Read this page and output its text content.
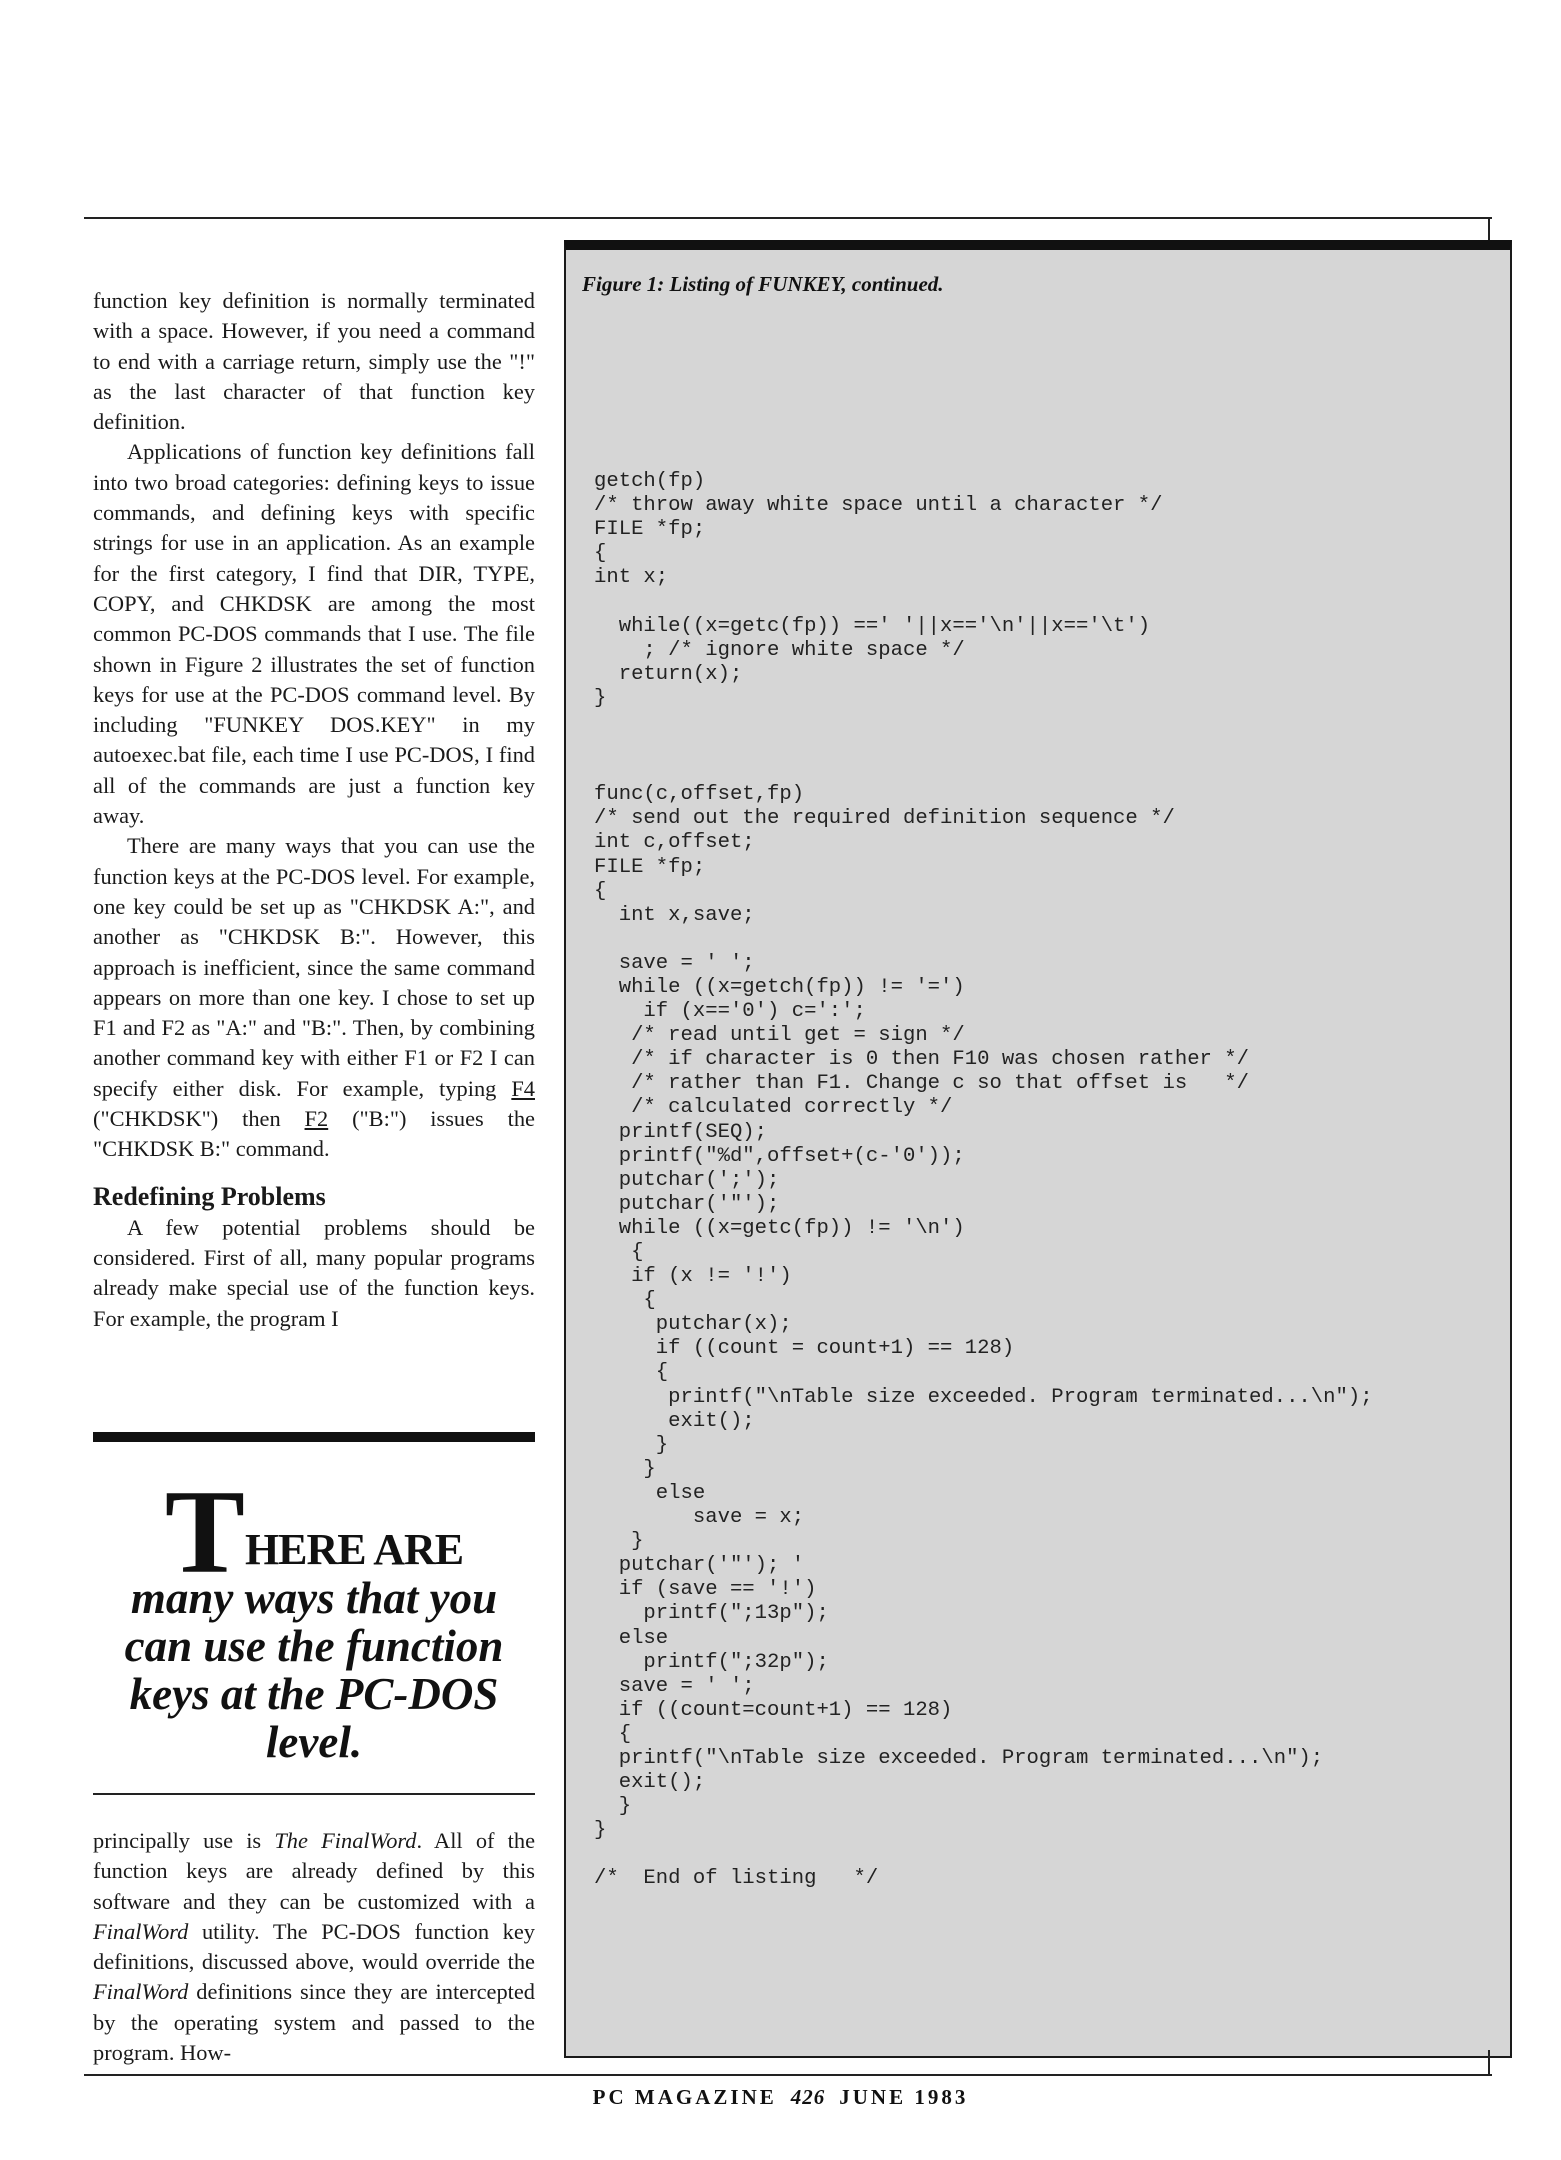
function key definition is normally terminated with a space. However, if you need a command to end with a carriage return, simply use the "!" as the last character of that function key definition.

Applications of function key definitions fall into two broad categories: defining keys to issue commands, and defining keys with specific strings for use in an application. As an example for the first category, I find that DIR, TYPE, COPY, and CHKDSK are among the most common PC-DOS commands that I use. The file shown in Figure 2 illustrates the set of function keys for use at the PC-DOS command level. By including "FUNKEY DOS.KEY" in my autoexec.bat file, each time I use PC-DOS, I find all of the commands are just a function key away.

There are many ways that you can use the function keys at the PC-DOS level. For example, one key could be set up as "CHKDSK A:", and another as "CHKDSK B:". However, this approach is inefficient, since the same command appears on more than one key. I chose to set up F1 and F2 as "A:" and "B:". Then, by combining another command key with either F1 or F2 I can specify either disk. For example, typing F4 ("CHKDSK") then F2 ("B:") issues the "CHKDSK B:" command.

Redefining Problems

A few potential problems should be considered. First of all, many popular programs already make special use of the function keys. For example, the program I

THERE ARE
many ways that you
can use the function
keys at the PC-DOS
level.

principally use is The FinalWord. All of the function keys are already defined by this software and they can be customized with a FinalWord utility. The PC-DOS function key definitions, discussed above, would override the FinalWord definitions since they are intercepted by the operating system and passed to the program. How-

Figure 1: Listing of FUNKEY, continued.
getch(fp)
/* throw away white space until a character */
FILE *fp;
{
int x;

while((x=getc(fp)) ==' '||x=='\n'||x=='\t')
; /* ignore white space */
return(x);
}

func(c,offset,fp)
/* send out the required definition sequence */
int c,offset;
FILE *fp;
{
int x,save;

save = ' ';
while ((x=getch(fp)) != '=')
if (x=='0') c=':';
/* read until get = sign */
/* if character is 0 then F10 was chosen rather */
/* rather than F1. Change c so that offset is   */
/* calculated correctly */
printf(SEQ);
printf("%d",offset+(c-'0'));
putchar(';');
putchar('"');
while ((x=getc(fp)) != '\n')
{
if (x != '!')
{
putchar(x);
if ((count = count+1) == 128)
{
printf("\nTable size exceeded. Program terminated...\n");
exit();
}
}
else
save = x;
}
putchar('"'); '
if (save == '!')
printf(";13p");
else
printf(";32p");
save = ' ';
if ((count=count+1) == 128)
{
printf("\nTable size exceeded. Program terminated...\n");
exit();
}
}

/*  End of listing   */
PC MAGAZINE 426 JUNE 1983
